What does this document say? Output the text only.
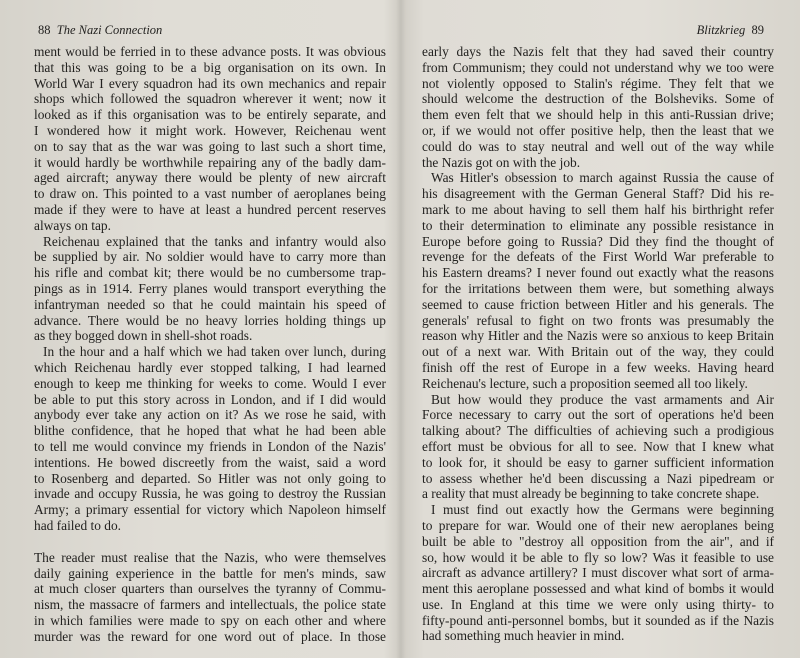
88 The Nazi Connection
ment would be ferried in to these advance posts. It was obvious
that this was going to be a big organisation on its own. In
World War I every squadron had its own mechanics and repair
shops which followed the squadron wherever it went; now it
looked as if this organisation was to be entirely separate, and
I wondered how it might work. However, Reichenau went
on to say that as the war was going to last such a short time,
it would hardly be worthwhile repairing any of the badly dam-
aged aircraft; anyway there would be plenty of new aircraft
to draw on. This pointed to a vast number of aeroplanes being
made if they were to have at least a hundred percent reserves
always on tap.
Reichenau explained that the tanks and infantry would also
be supplied by air. No soldier would have to carry more than
his rifle and combat kit; there would be no cumbersome trap-
pings as in 1914. Ferry planes would transport everything the
infantryman needed so that he could maintain his speed of
advance. There would be no heavy lorries holding things up
as they bogged down in shell-shot roads.
In the hour and a half which we had taken over lunch, during
which Reichenau hardly ever stopped talking, I had learned
enough to keep me thinking for weeks to come. Would I ever
be able to put this story across in London, and if I did would
anybody ever take any action on it? As we rose he said, with
blithe confidence, that he hoped that what he had been able
to tell me would convince my friends in London of the Nazis'
intentions. He bowed discreetly from the waist, said a word
to Rosenberg and departed. So Hitler was not only going to
invade and occupy Russia, he was going to destroy the Russian
Army; a primary essential for victory which Napoleon himself
had failed to do.
The reader must realise that the Nazis, who were themselves
daily gaining experience in the battle for men's minds, saw
at much closer quarters than ourselves the tyranny of Commu-
nism, the massacre of farmers and intellectuals, the police state
in which families were made to spy on each other and where
murder was the reward for one word out of place. In those
Blitzkrieg 89
early days the Nazis felt that they had saved their country
from Communism; they could not understand why we too were
not violently opposed to Stalin's régime. They felt that we
should welcome the destruction of the Bolsheviks. Some of
them even felt that we should help in this anti-Russian drive;
or, if we would not offer positive help, then the least that we
could do was to stay neutral and well out of the way while
the Nazis got on with the job.
Was Hitler's obsession to march against Russia the cause of
his disagreement with the German General Staff? Did his re-
mark to me about having to sell them half his birthright refer
to their determination to eliminate any possible resistance in
Europe before going to Russia? Did they find the thought of
revenge for the defeats of the First World War preferable to
his Eastern dreams? I never found out exactly what the reasons
for the irritations between them were, but something always
seemed to cause friction between Hitler and his generals. The
generals' refusal to fight on two fronts was presumably the
reason why Hitler and the Nazis were so anxious to keep Britain
out of a next war. With Britain out of the way, they could
finish off the rest of Europe in a few weeks. Having heard
Reichenau's lecture, such a proposition seemed all too likely.
But how would they produce the vast armaments and Air
Force necessary to carry out the sort of operations he'd been
talking about? The difficulties of achieving such a prodigious
effort must be obvious for all to see. Now that I knew what
to look for, it should be easy to garner sufficient information
to assess whether he'd been discussing a Nazi pipedream or
a reality that must already be beginning to take concrete shape.
I must find out exactly how the Germans were beginning
to prepare for war. Would one of their new aeroplanes being
built be able to "destroy all opposition from the air", and if
so, how would it be able to fly so low? Was it feasible to use
aircraft as advance artillery? I must discover what sort of arma-
ment this aeroplane possessed and what kind of bombs it would
use. In England at this time we were only using thirty- to
fifty-pound anti-personnel bombs, but it sounded as if the Nazis
had something much heavier in mind.
